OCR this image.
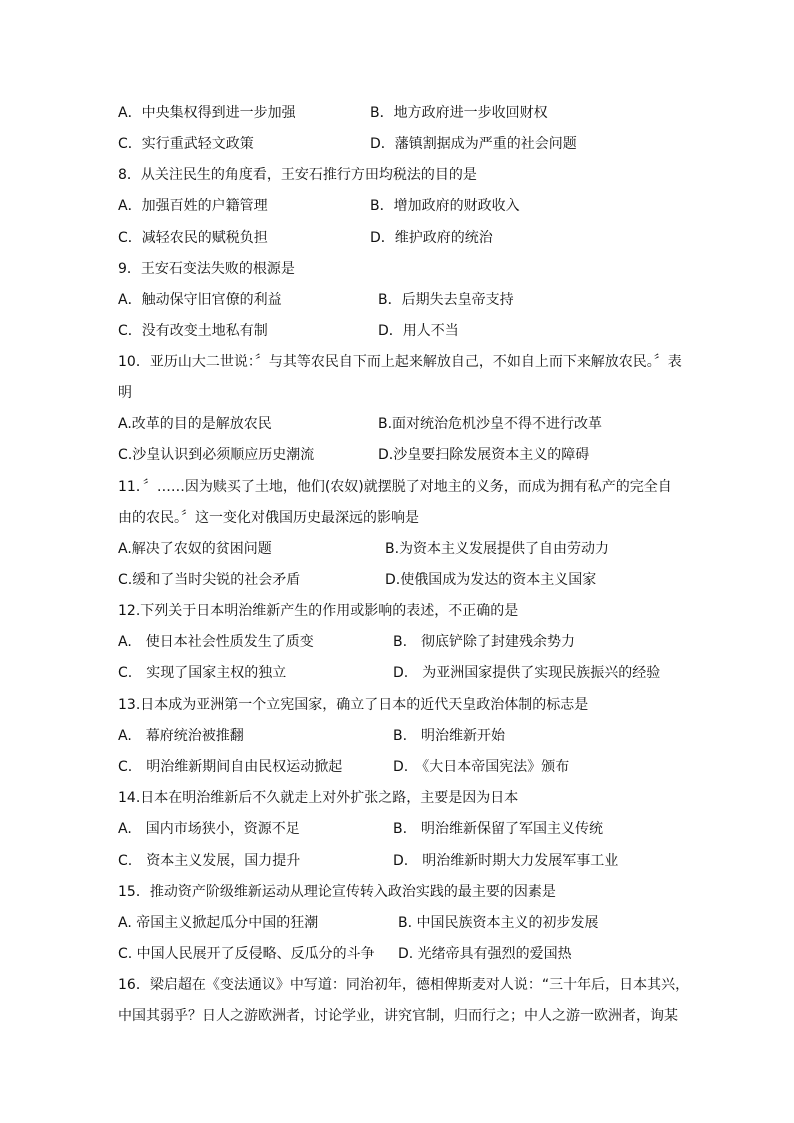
A．中央集权得到进一步加强	B．地方政府进一步收回财权
C．实行重武轻文政策	D．藩镇割据成为严重的社会问题
8．从关注民生的角度看，王安石推行方田均税法的目的是
A．加强百姓的户籍管理	B．增加政府的财政收入
C．减轻农民的赋税负担	D．维护政府的统治
9．王安石变法失败的根源是
A．触动保守旧官僚的利益	B．后期失去皇帝支持
C．没有改变土地私有制	D．用人不当
10．亚历山大二世说：〞与其等农民自下而上起来解放自己，不如自上而下来解放农民。〞表
明
A.改革的目的是解放农民	B.面对统治危机沙皇不得不进行改革
C.沙皇认识到必须顺应历史潮流	D.沙皇要扫除发展资本主义的障碍
11．〞……因为赎买了土地，他们(农奴)就摆脱了对地主的义务，而成为拥有私产的完全自
由的农民。〞这一变化对俄国历史最深远的影响是
A.解决了农奴的贫困问题	B.为资本主义发展提供了自由劳动力
C.缓和了当时尖锐的社会矛盾	D.使俄国成为发达的资本主义国家
12.下列关于日本明治维新产生的作用或影响的表述，不正确的是
A.　使日本社会性质发生了质变	B.　彻底铲除了封建残余势力
C.　实现了国家主权的独立	D.　为亚洲国家提供了实现民族振兴的经验
13.日本成为亚洲第一个立宪国家，确立了日本的近代天皇政治体制的标志是
A.　幕府统治被推翻	B.　明治维新开始
C.　明治维新期间自由民权运动掀起	D.　《大日本帝国宪法》颁布
14.日本在明治维新后不久就走上对外扩张之路，主要是因为日本
A.　国内市场狭小，资源不足	B.　明治维新保留了军国主义传统
C.　资本主义发展，国力提升	D.　明治维新时期大力发展军事工业
15．推动资产阶级维新运动从理论宣传转入政治实践的最主要的因素是
A. 帝国主义掀起瓜分中国的狂潮	B. 中国民族资本主义的初步发展
C. 中国人民展开了反侵略、反瓜分的斗争 D. 光绪帝具有强烈的爱国热
16．梁启超在《变法通议》中写道：同治初年，德相俾斯麦对人说：“三十年后，日本其兴，
中国其弱乎？日人之游欧洲者，讨论学业，讲究官制，归而行之；中人之游一欧洲者，询某
